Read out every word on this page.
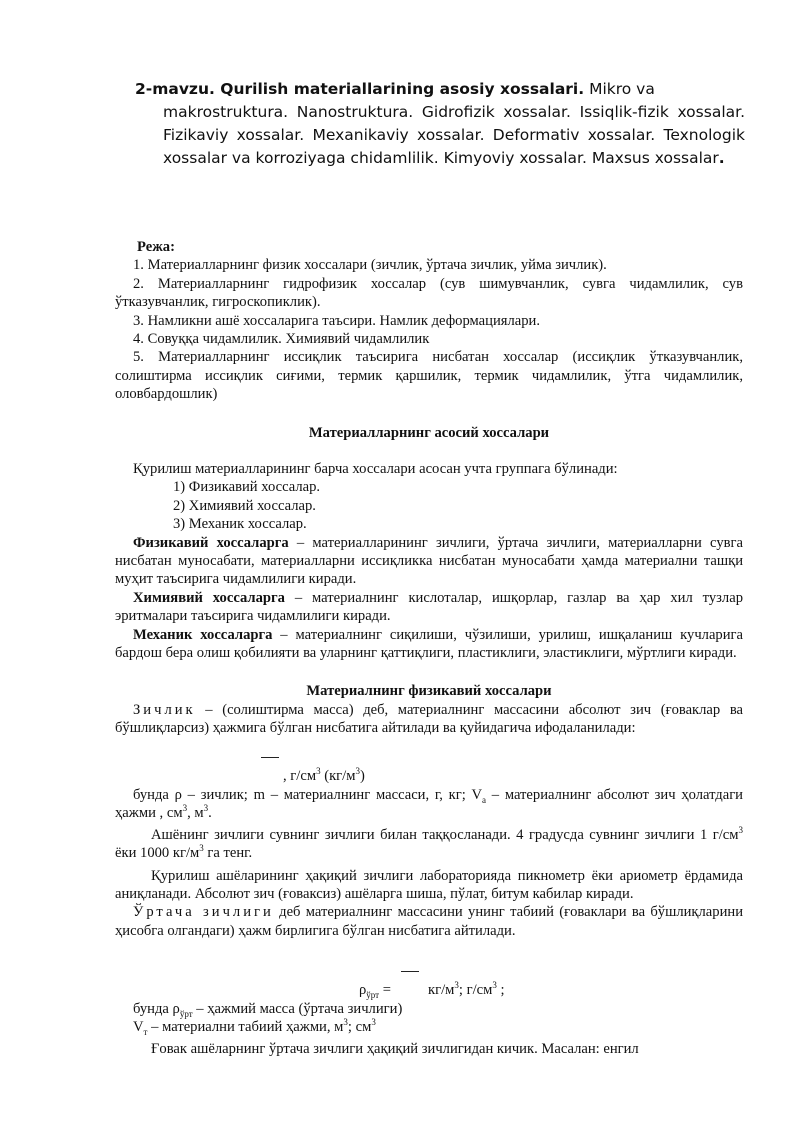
2-mavzu. Qurilish materiallarining asosiy xossalari. Mikro va
makrostruktura. Nanostruktura. Gidrofizik xossalar. Issiqlik-fizik xossalar. Fizikaviy xossalar. Mexanikaviy xossalar. Deformativ xossalar. Texnologik xossalar va korroziyaga chidamlilik. Kimyoviy xossalar. Maxsus xossalar.

Режа:

1. Материалларнинг физик хоссалари (зичлик, ўртача зичлик, уйма зичлик).

2. Материалларнинг гидрофизик хоссалар (сув шимувчанлик, сувга чидамлилик, сув ўтказувчанлик, гигроскопиклик).

3. Намликни ашё хоссаларига таъсири. Намлик деформациялари.

4. Совуққа чидамлилик. Химиявий чидамлилик

5. Материалларнинг иссиқлик таъсирига нисбатан хоссалар (иссиқлик ўтказувчанлик, солиштирма иссиқлик сиғими, термик қаршилик, термик чидамлилик, ўтга чидамлилик, оловбардошлик)

Материалларнинг асосий хоссалари

Қурилиш материалларининг барча хоссалари асосан учта группага бўлинади:

1) Физикавий хоссалар.

2) Химиявий хоссалар.

3) Механик хоссалар.

Физикавий хоссаларга – материалларининг зичлиги, ўртача зичлиги, материалларни сувга нисбатан муносабати, материалларни иссиқликка нисбатан муносабати ҳамда материални ташқи муҳит таъсирига чидамлилиги киради.

Химиявий хоссаларга – материалнинг кислоталар, ишқорлар, газлар ва ҳар хил тузлар эритмалари таъсирига чидамлилиги киради.

Механик хоссаларга – материалнинг сиқилиши, чўзилиши, урилиш, ишқаланиш кучларига бардош бера олиш қобилияти ва уларнинг қаттиқлиги, пластиклиги, эластиклиги, мўртлиги киради.

Материалнинг физикавий хоссалари

Зичлик – (солиштирма масса) деб, материалнинг массасини абсолют зич (ғоваклар ва бўшлиқларсиз) ҳажмига бўлган нисбатига айтилади ва қуйидагича ифодаланилади:

, $г/см^3$ $(кг/м^3)$

бунда ρ – зичлик; m – материалнинг массаси, г, кг; $V_а$ – материалнинг абсолют зич ҳолатдаги ҳажми , $см^3$, $м^3$.

Ашёнинг зичлиги сувнинг зичлиги билан таққосланади. 4 градусда сувнинг зичлиги 1 $г/см^3$ ёки 1000 $кг/м^3$ га тенг.

Қурилиш ашёларининг ҳақиқий зичлиги лабораторияда пикнометр ёки ариометр ёрдамида аниқланади. Абсолют зич (ғоваксиз) ашёларга шиша, пўлат, битум кабилар киради.

Ўртача зичлиги деб материалнинг массасини унинг табиий (ғоваклари ва бўшлиқларини ҳисобга олгандаги) ҳажм бирлигига бўлган нисбатига айтилади.

$\rho_{ўрт}$ =	$кг/м^3$; $г/см^3$ ;

бунда $\rho_{ўрт}$ – ҳажмий масса (ўртача зичлиги)

$V_т$ – материални табиий ҳажми, $м^3$; $см^3$

Ғовак ашёларнинг ўртача зичлиги ҳақиқий зичлигидан кичик. Масалан: енгил
